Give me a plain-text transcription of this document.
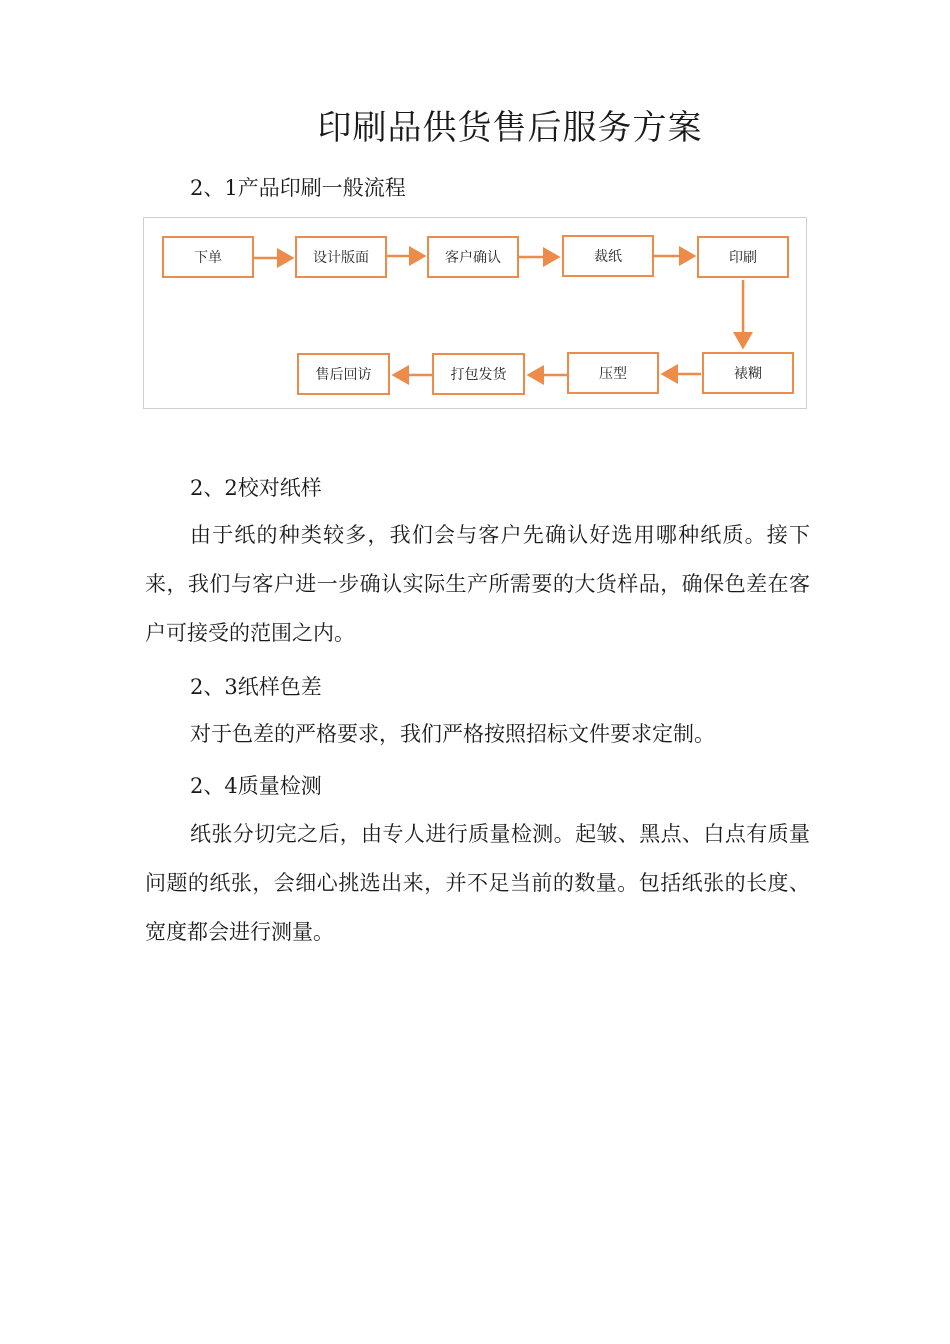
印刷品供货售后服务方案
2、1产品印刷一般流程
下单	设计版面	客户确认	裁纸	印刷
裱糊
压型
打包发货
售后回访
2、2校对纸样

由于纸的种类较多，我们会与客户先确认好选用哪种纸质。接下来，我们与客户进一步确认实际生产所需要的大货样品，确保色差在客户可接受的范围之内。

2、3纸样色差

对于色差的严格要求，我们严格按照招标文件要求定制。

2、4质量检测

纸张分切完之后，由专人进行质量检测。起皱、黑点、白点有质量问题的纸张，会细心挑选出来，并不足当前的数量。包括纸张的长度、宽度都会进行测量。
